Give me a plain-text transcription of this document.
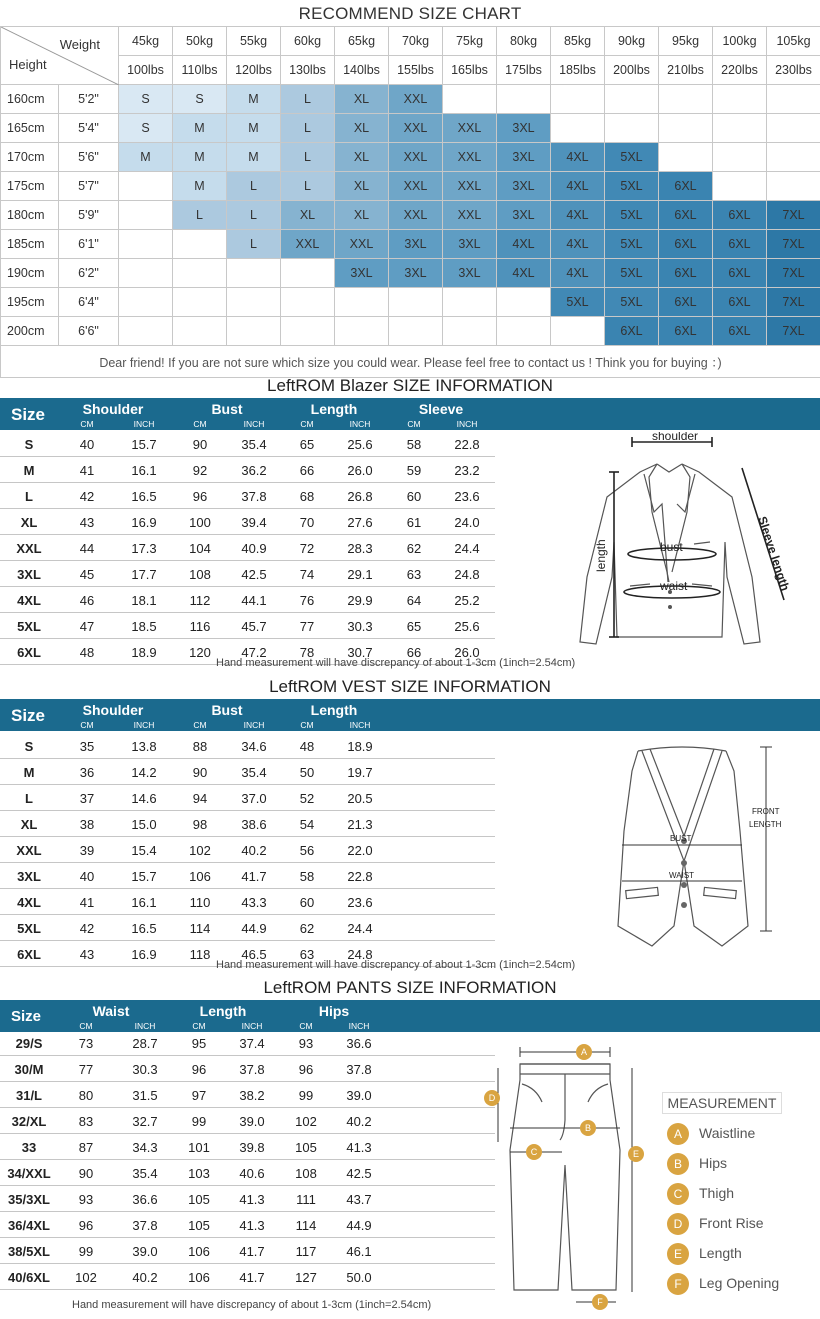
RECOMMEND SIZE CHART
Weight
Height		45kg	50kg	55kg	60kg	65kg	70kg	75kg	80kg	85kg	90kg	95kg	100kg	105kg
		100lbs	110lbs	120lbs	130lbs	140lbs	155lbs	165lbs	175lbs	185lbs	200lbs	210lbs	220lbs	230lbs
160cm	5'2"	S	S	M	L	XL	XXL							
165cm	5'4"	S	M	M	L	XL	XXL	XXL	3XL					
170cm	5'6"	M	M	M	L	XL	XXL	XXL	3XL	4XL	5XL			
175cm	5'7"		M	L	L	XL	XXL	XXL	3XL	4XL	5XL	6XL		
180cm	5'9"		L	L	XL	XL	XXL	XXL	3XL	4XL	5XL	6XL	6XL	7XL
185cm	6'1"			L	XXL	XXL	3XL	3XL	4XL	4XL	5XL	6XL	6XL	7XL
190cm	6'2"					3XL	3XL	3XL	4XL	4XL	5XL	6XL	6XL	7XL
195cm	6'4"									5XL	5XL	6XL	6XL	7XL
200cm	6'6"										6XL	6XL	6XL	7XL
Dear friend! If you are not sure which size you could wear. Please feel free to contact us ! Think you for buying ：)														
LeftROM Blazer SIZE INFORMATION
Size	Shoulder
CM	INCH
Bust
CM	INCH
Length
CM	INCH
Sleeve
CM	INCH
S	40	15.7	90	35.4	65	25.6	58	22.8
M	41	16.1	92	36.2	66	26.0	59	23.2
L	42	16.5	96	37.8	68	26.8	60	23.6
XL	43	16.9	100	39.4	70	27.6	61	24.0
XXL	44	17.3	104	40.9	72	28.3	62	24.4
3XL	45	17.7	108	42.5	74	29.1	63	24.8
4XL	46	18.1	112	44.1	76	29.9	64	25.2
5XL	47	18.5	116	45.7	77	30.3	65	25.6
6XL	48	18.9	120	47.2	78	30.7	66	26.0
Hand measurement will have discrepancy of about 1-3cm (1inch=2.54cm)
shoulder
length	bust
waist	Sleeve length
LeftROM VEST SIZE INFORMATION
Size	Shoulder
CM	INCH
Bust
CM	INCH
Length
CM	INCH
S	35	13.8	88	34.6	48	18.9
M	36	14.2	90	35.4	50	19.7
L	37	14.6	94	37.0	52	20.5
XL	38	15.0	98	38.6	54	21.3
XXL	39	15.4	102	40.2	56	22.0
3XL	40	15.7	106	41.7	58	22.8
4XL	41	16.1	110	43.3	60	23.6
5XL	42	16.5	114	44.9	62	24.4
6XL	43	16.9	118	46.5	63	24.8
Hand measurement will have discrepancy of about 1-3cm (1inch=2.54cm)
BUST
WAIST
FRONT
LENGTH
LeftROM PANTS SIZE INFORMATION
Size	Waist
CM	INCH
Length
CM	INCH
Hips
CM	INCH
29/S	73	28.7	95	37.4	93	36.6
30/M	77	30.3	96	37.8	96	37.8
31/L	80	31.5	97	38.2	99	39.0
32/XL	83	32.7	99	39.0	102	40.2
33	87	34.3	101	39.8	105	41.3
34/XXL	90	35.4	103	40.6	108	42.5
35/3XL	93	36.6	105	41.3	111	43.7
36/4XL	96	37.8	105	41.3	114	44.9
38/5XL	99	39.0	106	41.7	117	46.1
40/6XL	102	40.2	106	41.7	127	50.0
Hand measurement will have discrepancy of about 1-3cm (1inch=2.54cm)
A
B
C
D
E
F
MEASUREMENT
A	Waistline
B	Hips
C	Thigh
D	Front Rise
E	Length
F	Leg Opening
